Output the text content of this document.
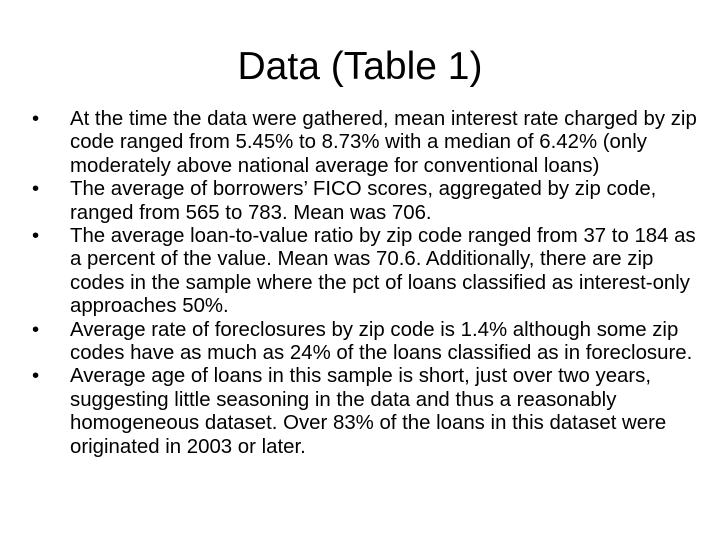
Data (Table 1)
•	At the time the data were gathered, mean interest rate charged by zip code ranged from 5.45% to 8.73% with a median of 6.42% (only moderately above national average for conventional loans)
•	The average of borrowers’ FICO scores, aggregated by zip code, ranged from 565 to 783. Mean was 706.
•	The average loan-to-value ratio by zip code ranged from 37 to 184 as a percent of the value. Mean was 70.6. Additionally, there are zip codes in the sample where the pct of loans classified as interest-only approaches 50%.
•	Average rate of foreclosures by zip code is 1.4% although some zip codes have as much as 24% of the loans classified as in foreclosure.
•	Average age of loans in this sample is short, just over two years, suggesting little seasoning in the data and thus a reasonably homogeneous dataset. Over 83% of the loans in this dataset were originated in 2003 or later.
